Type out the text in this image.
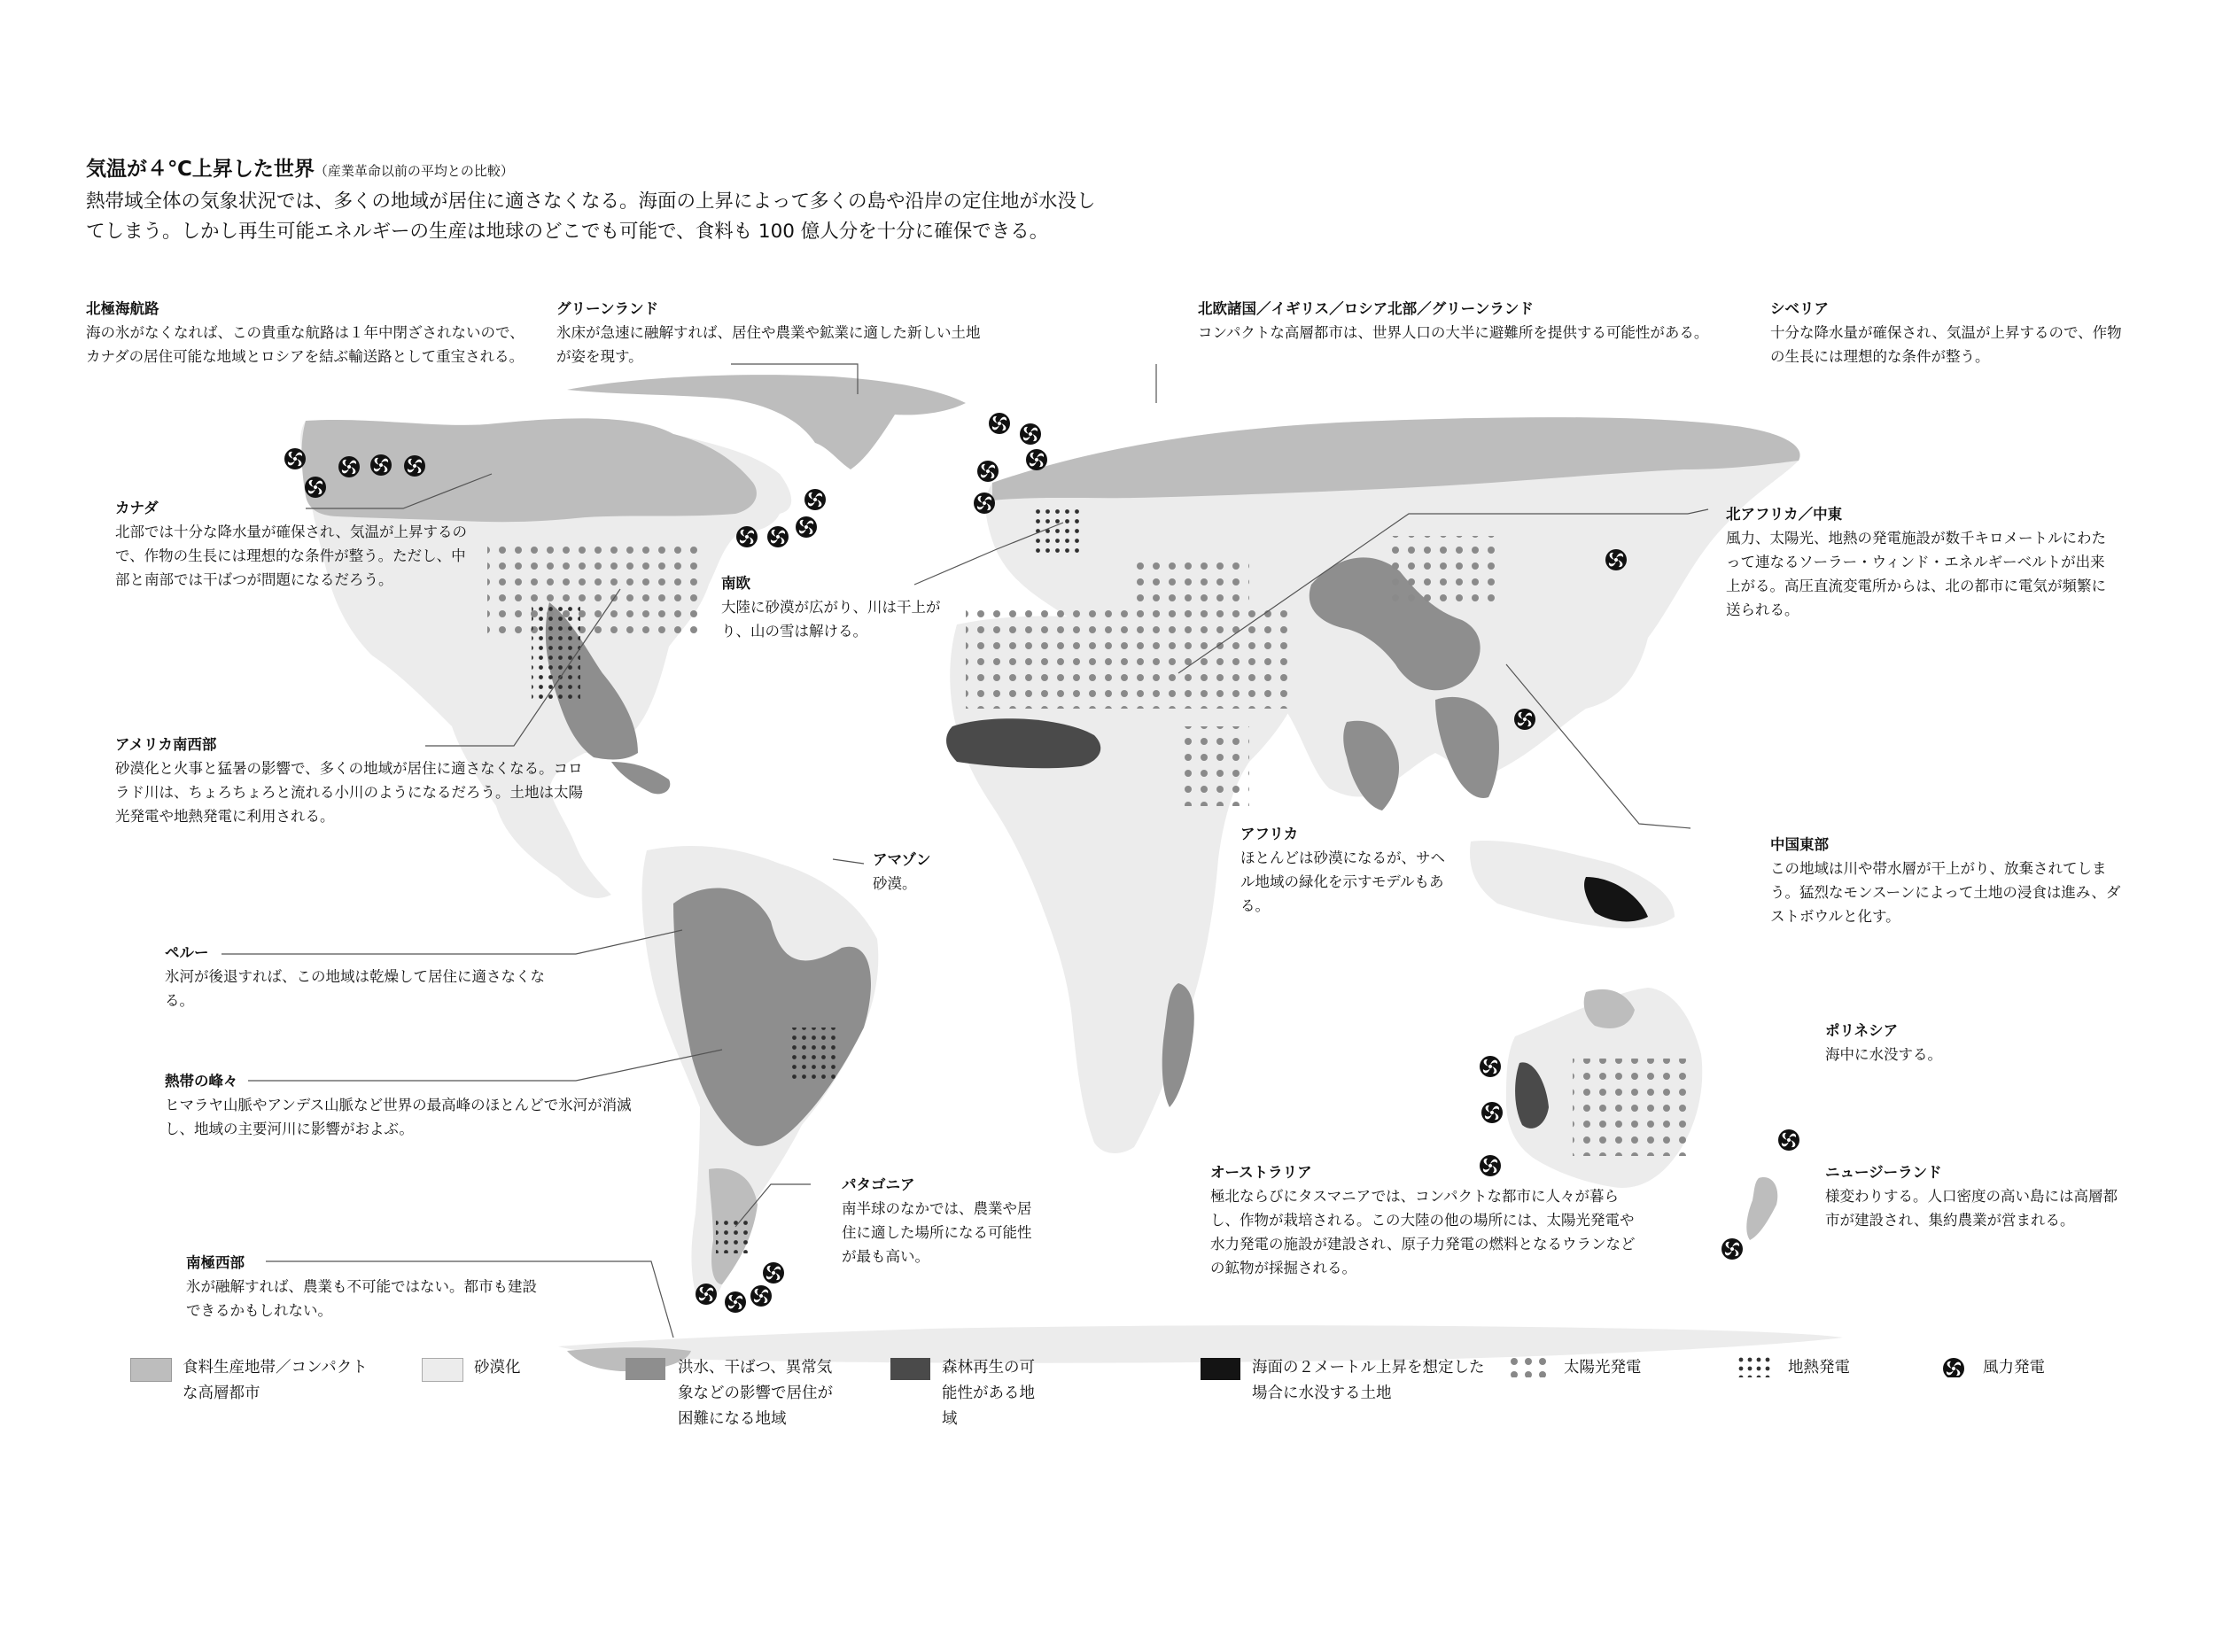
気温が４℃上昇した世界（産業革命以前の平均との比較）
熱帯域全体の気象状況では、多くの地域が居住に適さなくなる。海面の上昇によって多くの島や沿岸の定住地が水没してしまう。しかし再生可能エネルギーの生産は地球のどこでも可能で、食料も 100 億人分を十分に確保できる。
北極海航路
海の氷がなくなれば、この貴重な航路は１年中閉ざされないので、カナダの居住可能な地域とロシアを結ぶ輸送路として重宝される。
グリーンランド
氷床が急速に融解すれば、居住や農業や鉱業に適した新しい土地が姿を現す。
北欧諸国／イギリス／ロシア北部／グリーンランド
コンパクトな高層都市は、世界人口の大半に避難所を提供する可能性がある。
シベリア
十分な降水量が確保され、気温が上昇するので、作物の生長には理想的な条件が整う。
カナダ
北部では十分な降水量が確保され、気温が上昇するので、作物の生長には理想的な条件が整う。ただし、中部と南部では干ばつが問題になるだろう。	南欧
大陸に砂漠が広がり、川は干上がり、山の雪は解ける。
北アフリカ／中東
風力、太陽光、地熱の発電施設が数千キロメートルにわたって連なるソーラー・ウィンド・エネルギーベルトが出来上がる。高圧直流変電所からは、北の都市に電気が頻繁に送られる。
アメリカ南西部
砂漠化と火事と猛暑の影響で、多くの地域が居住に適さなくなる。コロラド川は、ちょろちょろと流れる小川のようになるだろう。土地は太陽光発電や地熱発電に利用される。
アマゾン
砂漠。
アフリカ
ほとんどは砂漠になるが、サヘル地域の緑化を示すモデルもある。
中国東部
この地域は川や帯水層が干上がり、放棄されてしまう。猛烈なモンスーンによって土地の浸食は進み、ダストボウルと化す。
ペルー
氷河が後退すれば、この地域は乾燥して居住に適さなくなる。
ポリネシア
海中に水没する。
熱帯の峰々
ヒマラヤ山脈やアンデス山脈など世界の最高峰のほとんどで氷河が消滅し、地域の主要河川に影響がおよぶ。
オーストラリア
極北ならびにタスマニアでは、コンパクトな都市に人々が暮らし、作物が栽培される。この大陸の他の場所には、太陽光発電や水力発電の施設が建設され、原子力発電の燃料となるウランなどの鉱物が採掘される。
ニュージーランド
様変わりする。人口密度の高い島には高層都市が建設され、集約農業が営まれる。
パタゴニア
南半球のなかでは、農業や居住に適した場所になる可能性が最も高い。
南極西部
氷が融解すれば、農業も不可能ではない。都市も建設できるかもしれない。
食料生産地帯／コンパクトな高層都市
砂漠化	洪水、干ばつ、異常気象などの影響で居住が困難になる地域
森林再生の可能性がある地域
海面の２メートル上昇を想定した場合に水没する土地
太陽光発電	地熱発電	風力発電
